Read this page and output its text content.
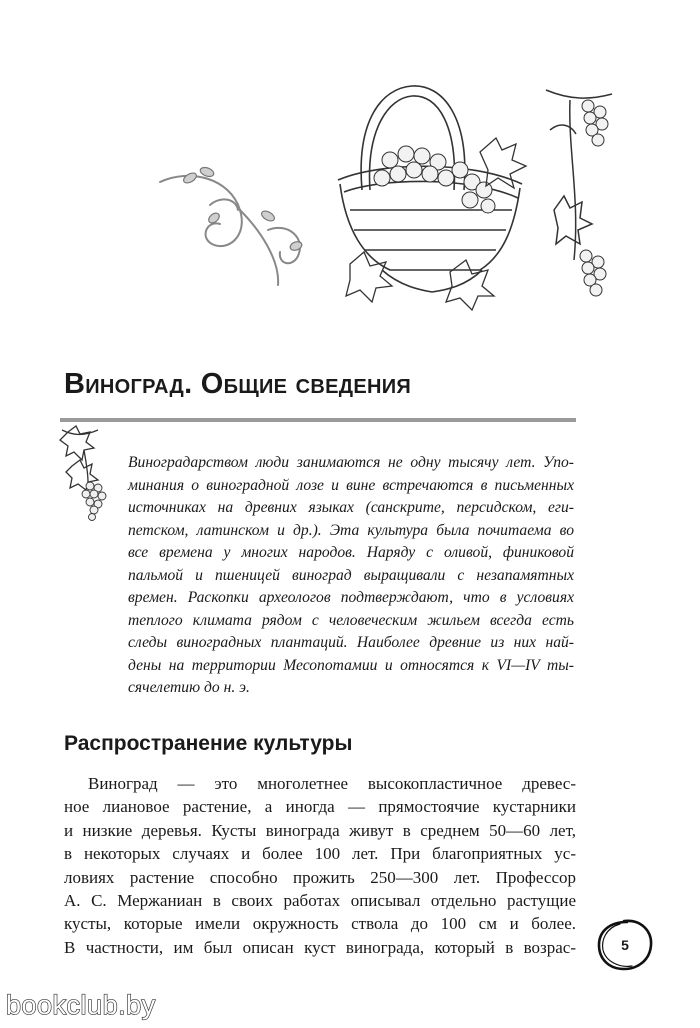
Виноград. Общие сведения
Виноградарством люди занимаются не одну тысячу лет. Упо-
минания о виноградной лозе и вине встречаются в письменных
источниках на древних языках (санскрите, персидском, еги-
петском, латинском и др.). Эта культура была почитаема во
все времена у многих народов. Наряду с оливой, финиковой
пальмой и пшеницей виноград выращивали с незапамятных
времен. Раскопки археологов подтверждают, что в условиях
теплого климата рядом с человеческим жильем всегда есть
следы виноградных плантаций. Наиболее древние из них най-
дены на территории Месопотамии и относятся к VI—IV ты-
сячелетию до н. э.
Распространение культуры
Виноград — это многолетнее высокопластичное древес-
ное лиановое растение, а иногда — прямостоячие кустарники
и низкие деревья. Кусты винограда живут в среднем 50—60 лет,
в некоторых случаях и более 100 лет. При благоприятных ус-
ловиях растение способно прожить 250—300 лет. Профессор
А. С. Мержаниан в своих работах описывал отдельно растущие
кусты, которые имели окружность ствола до 100 см и более.
В частности, им был описан куст винограда, который в возрас-	5
bookclub.by
